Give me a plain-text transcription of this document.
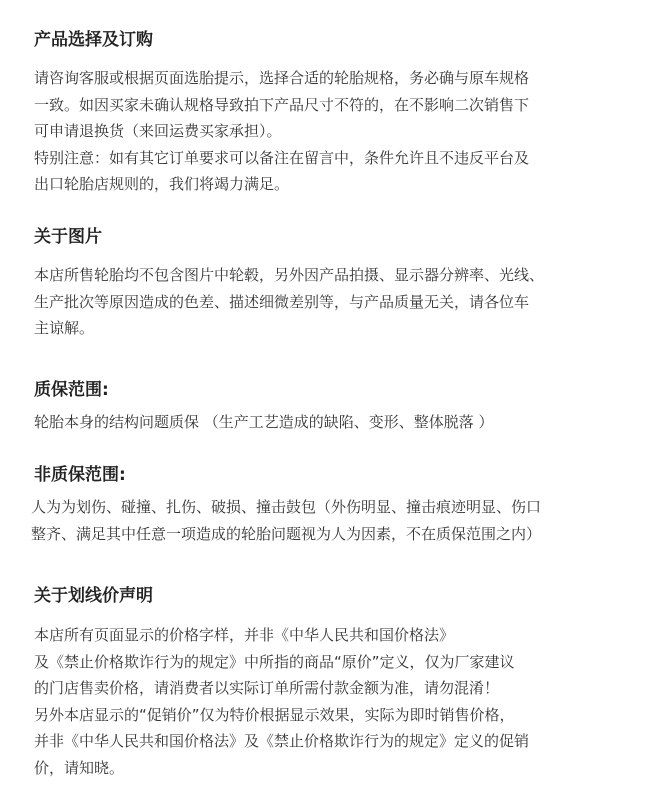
产品选择及订购
请咨询客服或根据页面选胎提示，选择合适的轮胎规格，务必确与原车规格
一致。如因买家未确认规格导致拍下产品尺寸不符的，在不影响二次销售下
可申请退换货（来回运费买家承担）。
特别注意：如有其它订单要求可以备注在留言中，条件允许且不违反平台及
出口轮胎店规则的，我们将竭力满足。
关于图片
本店所售轮胎均不包含图片中轮毂，另外因产品拍摄、显示器分辨率、光线、
生产批次等原因造成的色差、描述细微差别等，与产品质量无关，请各位车
主谅解。
质保范围:
轮胎本身的结构问题质保 （生产工艺造成的缺陷、变形、整体脱落 ）
非质保范围:
人为为划伤、碰撞、扎伤、破损、撞击鼓包（外伤明显、撞击痕迹明显、伤口
整齐、满足其中任意一项造成的轮胎问题视为人为因素，不在质保范围之内）
关于划线价声明
本店所有页面显示的价格字样，并非《中华人民共和国价格法》
及《禁止价格欺诈行为的规定》中所指的商品“原价”定义，仅为厂家建议
的门店售卖价格，请消费者以实际订单所需付款金额为准，请勿混淆！
另外本店显示的“促销价”仅为特价根据显示效果，实际为即时销售价格，
并非《中华人民共和国价格法》及《禁止价格欺诈行为的规定》定义的促销
价，请知晓。
